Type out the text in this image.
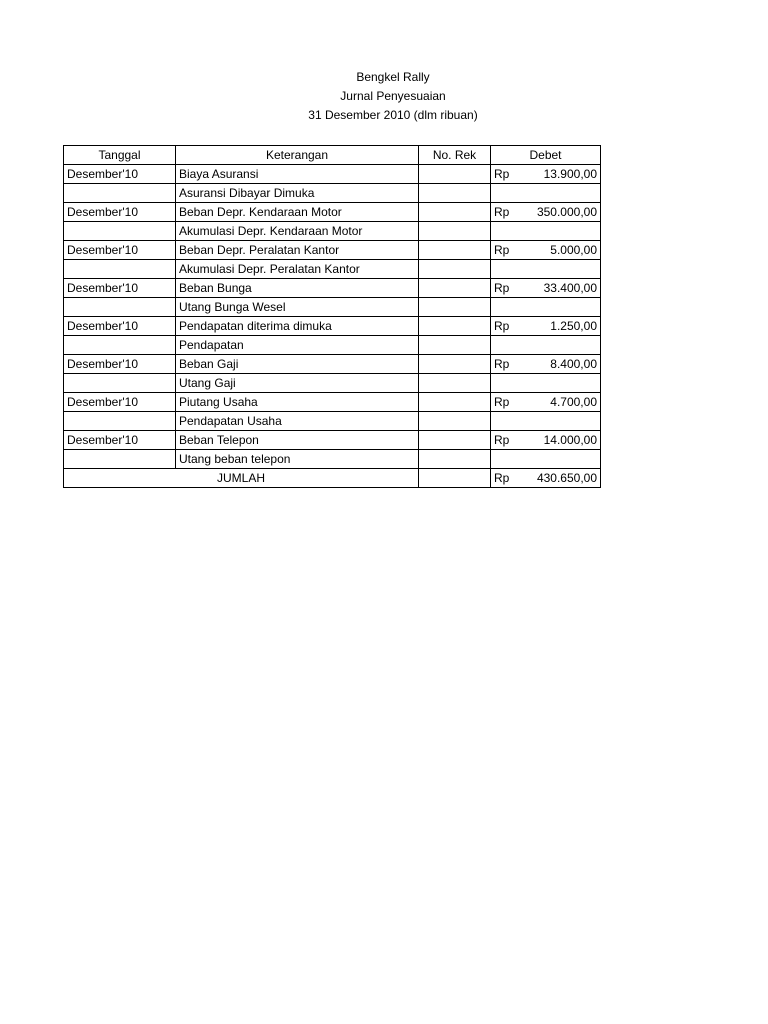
Bengkel Rally
Jurnal Penyesuaian
31 Desember 2010 (dlm ribuan)
Tanggal	Keterangan	No. Rek	Debet	
Desember'10	Biaya Asuransi		Rp	13.900,00
	Asuransi Dibayar Dimuka			
Desember'10	Beban Depr. Kendaraan Motor		Rp	350.000,00
	Akumulasi Depr. Kendaraan Motor			
Desember'10	Beban Depr. Peralatan Kantor		Rp	5.000,00
	Akumulasi Depr. Peralatan Kantor			
Desember'10	Beban Bunga		Rp	33.400,00
	Utang Bunga Wesel			
Desember'10	Pendapatan diterima dimuka		Rp	1.250,00
	Pendapatan			
Desember'10	Beban Gaji		Rp	8.400,00
	Utang Gaji			
Desember'10	Piutang Usaha		Rp	4.700,00
	Pendapatan Usaha			
Desember'10	Beban Telepon		Rp	14.000,00
	Utang beban telepon			
JUMLAH			Rp	430.650,00
